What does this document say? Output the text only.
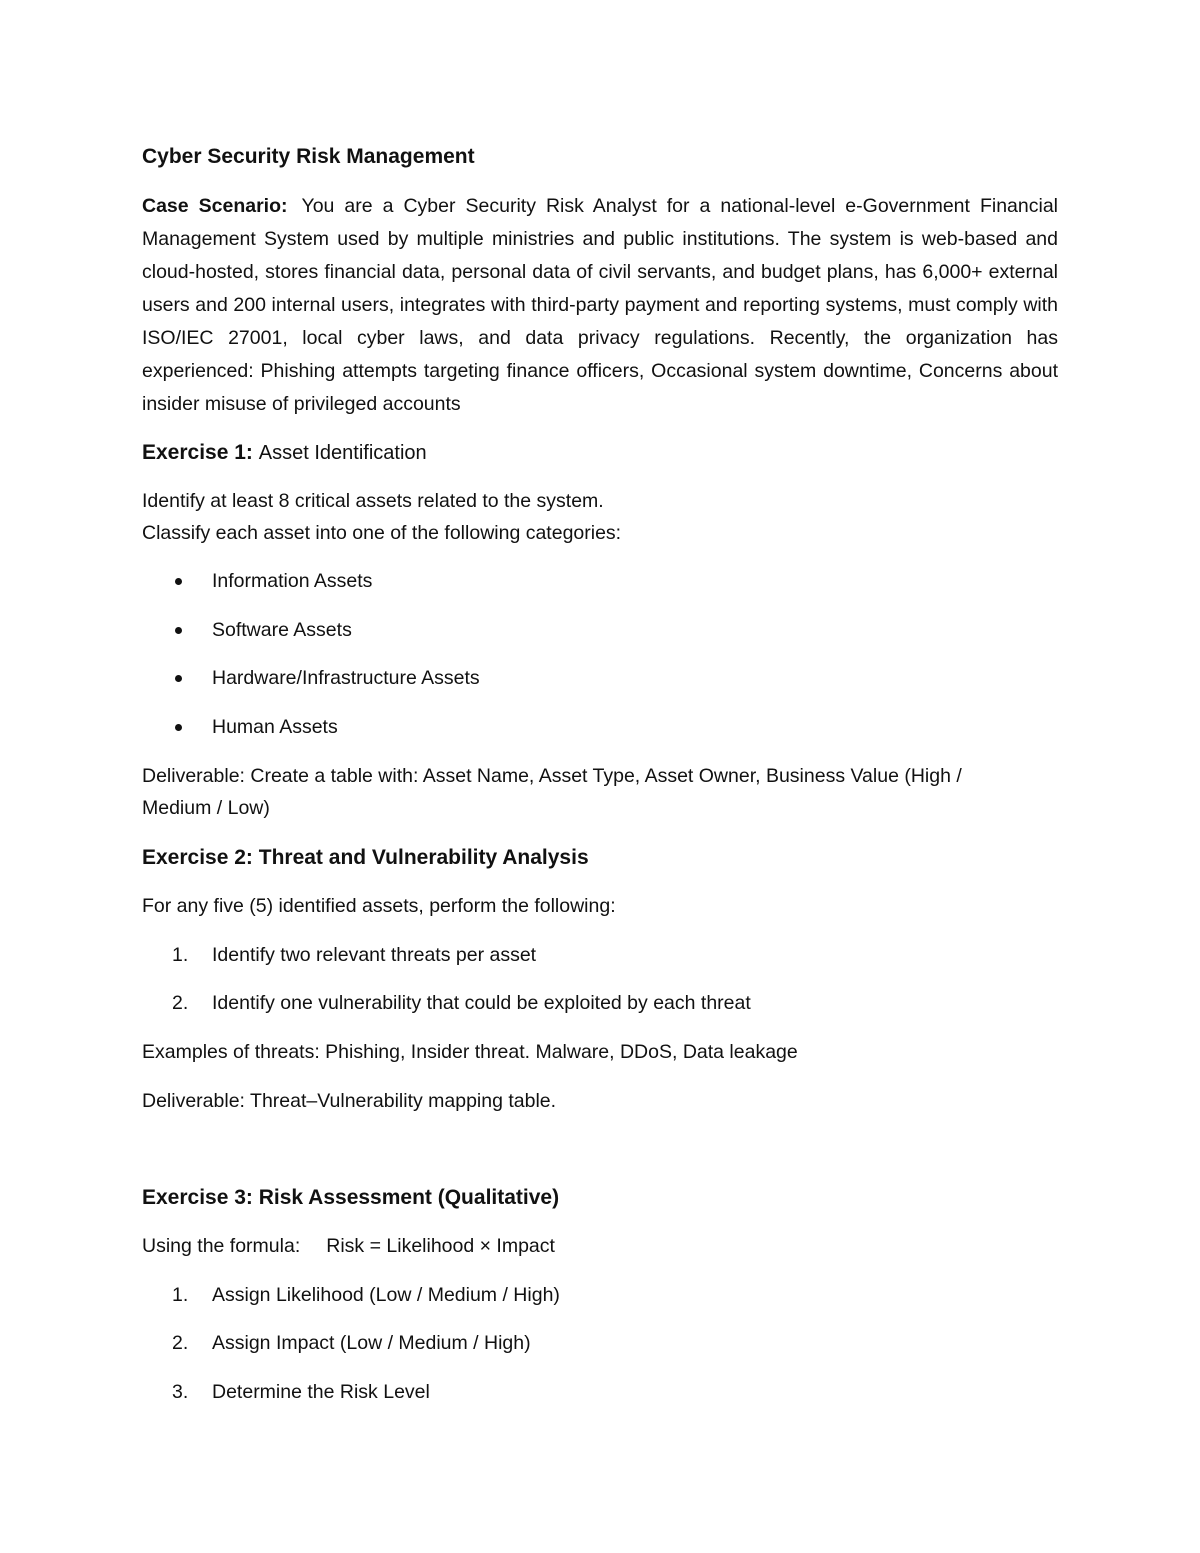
Cyber Security Risk Management

Case Scenario: You are a Cyber Security Risk Analyst for a national-level e-Government Financial Management System used by multiple ministries and public institutions. The system is web-based and cloud-hosted, stores financial data, personal data of civil servants, and budget plans, has 6,000+ external users and 200 internal users, integrates with third-party payment and reporting systems, must comply with ISO/IEC 27001, local cyber laws, and data privacy regulations. Recently, the organization has experienced: Phishing attempts targeting finance officers, Occasional system downtime, Concerns about insider misuse of privileged accounts

Exercise 1: Asset Identification
Identify at least 8 critical assets related to the system.
Classify each asset into one of the following categories:
Information Assets
Software Assets
Hardware/Infrastructure Assets
Human Assets
Deliverable: Create a table with: Asset Name, Asset Type, Asset Owner, Business Value (High /
Medium / Low)
Exercise 2: Threat and Vulnerability Analysis
For any five (5) identified assets, perform the following:
1.	Identify two relevant threats per asset
2.	Identify one vulnerability that could be exploited by each threat
Examples of threats: Phishing, Insider threat. Malware, DDoS, Data leakage
Deliverable: Threat–Vulnerability mapping table.
Exercise 3: Risk Assessment (Qualitative)
Using the formula: Risk = Likelihood × Impact
1.	Assign Likelihood (Low / Medium / High)
2.	Assign Impact (Low / Medium / High)
3.	Determine the Risk Level
